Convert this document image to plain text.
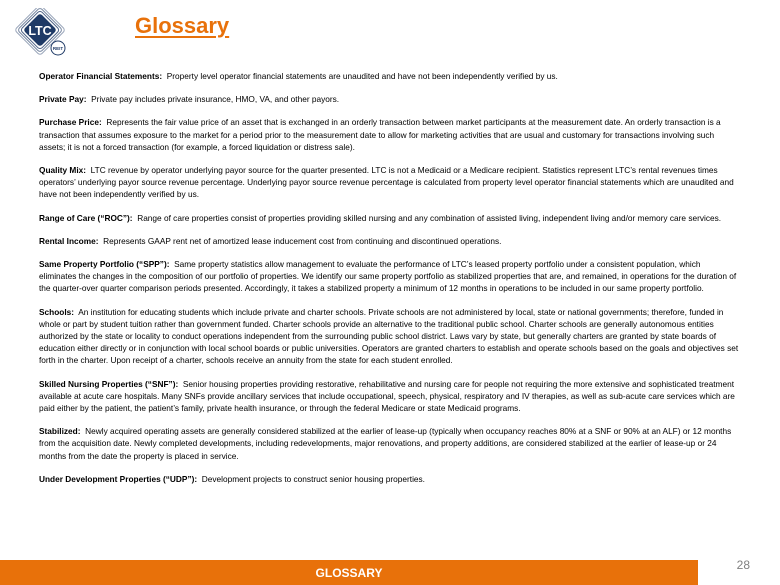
LTC
REIT
Glossary

Operator Financial Statements: Property level operator financial statements are unaudited and have not been independently verified by us.

Private Pay: Private pay includes private insurance, HMO, VA, and other payors.

Purchase Price: Represents the fair value price of an asset that is exchanged in an orderly transaction between market participants at the measurement date. An orderly transaction is a transaction that assumes exposure to the market for a period prior to the measurement date to allow for marketing activities that are usual and customary for transactions involving such assets; it is not a forced transaction (for example, a forced liquidation or distress sale).

Quality Mix: LTC revenue by operator underlying payor source for the quarter presented. LTC is not a Medicaid or a Medicare recipient. Statistics represent LTC’s rental revenues times operators’ underlying payor source revenue percentage. Underlying payor source revenue percentage is calculated from property level operator financial statements which are unaudited and have not been independently verified by us.

Range of Care (“ROC”): Range of care properties consist of properties providing skilled nursing and any combination of assisted living, independent living and/or memory care services.

Rental Income: Represents GAAP rent net of amortized lease inducement cost from continuing and discontinued operations.

Same Property Portfolio (“SPP”): Same property statistics allow management to evaluate the performance of LTC’s leased property portfolio under a consistent population, which eliminates the changes in the composition of our portfolio of properties. We identify our same property portfolio as stabilized properties that are, and remained, in operations for the duration of the quarter-over quarter comparison periods presented. Accordingly, it takes a stabilized property a minimum of 12 months in operations to be included in our same property portfolio.

Schools: An institution for educating students which include private and charter schools. Private schools are not administered by local, state or national governments; therefore, funded in whole or part by student tuition rather than government funded. Charter schools provide an alternative to the traditional public school. Charter schools are generally autonomous entities authorized by the state or locality to conduct operations independent from the surrounding public school district. Laws vary by state, but generally charters are granted by state boards of education either directly or in conjunction with local school boards or public universities. Operators are granted charters to establish and operate schools based on the goals and objectives set forth in the charter. Upon receipt of a charter, schools receive an annuity from the state for each student enrolled.

Skilled Nursing Properties (“SNF”): Senior housing properties providing restorative, rehabilitative and nursing care for people not requiring the more extensive and sophisticated treatment available at acute care hospitals. Many SNFs provide ancillary services that include occupational, speech, physical, respiratory and IV therapies, as well as sub-acute care services which are paid either by the patient, the patient’s family, private health insurance, or through the federal Medicare or state Medicaid programs.

Stabilized: Newly acquired operating assets are generally considered stabilized at the earlier of lease-up (typically when occupancy reaches 80% at a SNF or 90% at an ALF) or 12 months from the acquisition date. Newly completed developments, including redevelopments, major renovations, and property additions, are considered stabilized at the earlier of lease-up or 24 months from the date the property is placed in service.

Under Development Properties (“UDP”): Development projects to construct senior housing properties.

GLOSSARY
28
